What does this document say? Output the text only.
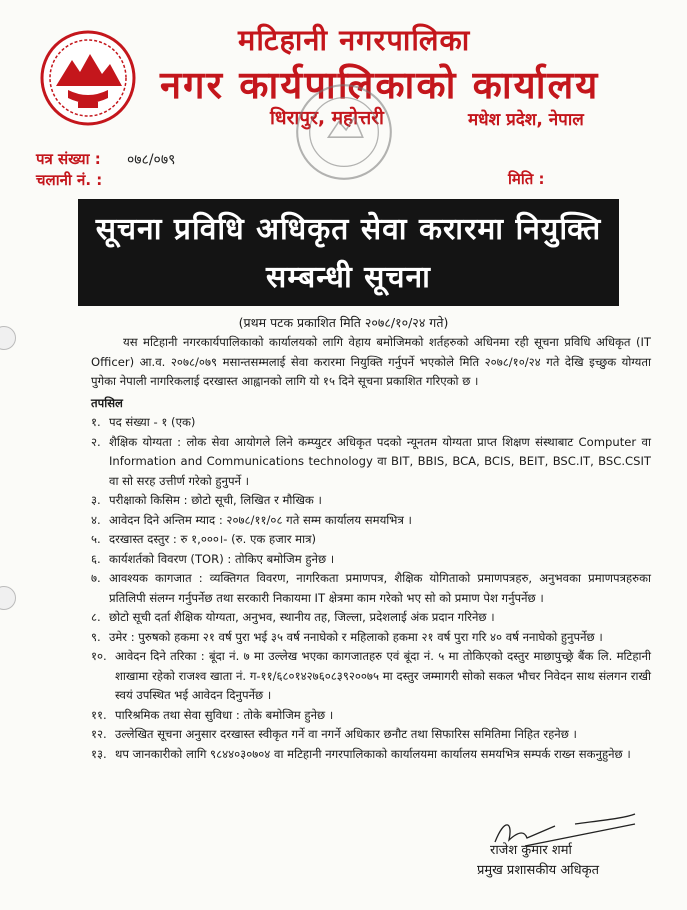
मटिहानी नगरपालिका
नगर कार्यपालिकाको कार्यालय
धिरापुर, महोत्तरी	मधेश प्रदेश, नेपाल
पत्र संख्या : ०७८/०७९
चलानी नं. :	मिति :
सूचना प्रविधि अधिकृत सेवा करारमा नियुक्ति
सम्बन्धी सूचना
(प्रथम पटक प्रकाशित मिति २०७८/१०/२४ गते)

यस मटिहानी नगरकार्यपालिकाको कार्यालयको लागि वेहाय बमोजिमको शर्तहरुको अधिनमा रही सूचना प्रविधि अधिकृत (IT Officer) आ.व. २०७८/०७९ मसान्तसम्मलाई सेवा करारमा नियुक्ति गर्नुपर्ने भएकोले मिति २०७८/१०/२४ गते देखि इच्छुक योग्यता पुगेका नेपाली नागरिकलाई दरखास्त आह्वानको लागि यो १५ दिने सूचना प्रकाशित गरिएको छ ।

तपसिल

१. पद संख्या - १ (एक)
२. शैक्षिक योग्यता : लोक सेवा आयोगले लिने कम्प्युटर अधिकृत पदको न्यूनतम योग्यता प्राप्त शिक्षण संस्थाबाट Computer वा Information and Communications technology वा BIT, BBIS, BCA, BCIS, BEIT, BSC.IT, BSC.CSIT वा सो सरह उत्तीर्ण गरेको हुनुपर्ने ।
३. परीक्षाको किसिम : छोटो सूची, लिखित र मौखिक ।
४. आवेदन दिने अन्तिम म्याद : २०७८/११/०८ गते सम्म कार्यालय समयभित्र ।
५. दरखास्त दस्तुर : रु १,०००।- (रु. एक हजार मात्र)
६. कार्यशर्तको विवरण (TOR) : तोकिए बमोजिम हुनेछ ।
७. आवश्यक कागजात : व्यक्तिगत विवरण, नागरिकता प्रमाणपत्र, शैक्षिक योगिताको प्रमाणपत्रहरु, अनुभवका प्रमाणपत्रहरुका प्रतिलिपी संलग्न गर्नुपर्नेछ तथा सरकारी निकायमा IT क्षेत्रमा काम गरेको भए सो को प्रमाण पेश गर्नुपर्नेछ ।
८. छोटो सूची दर्ता शैक्षिक योग्यता, अनुभव, स्थानीय तह, जिल्ला, प्रदेशलाई अंक प्रदान गरिनेछ ।
९. उमेर : पुरुषको हकमा २१ वर्ष पुरा भई ३५ वर्ष ननाघेको र महिलाको हकमा २१ वर्ष पुरा गरि ४० वर्ष ननाघेको हुनुपर्नेछ ।
१०. आवेदन दिने तरिका : बूंदा नं. ७ मा उल्लेख भएका कागजातहरु एवं बूंदा नं. ५ मा तोकिएको दस्तुर माछापुच्छ्रे बैंक लि. मटिहानी शाखामा रहेको राजश्व खाता नं. ग-११/६८०१४२७६०८३९२००७५ मा दस्तुर जम्मागरी सोको सकल भौचर निवेदन साथ संलगन राखी स्वयं उपस्थित भई आवेदन दिनुपर्नेछ ।
११. पारिश्रमिक तथा सेवा सुविधा : तोके बमोजिम हुनेछ ।
१२. उल्लेखित सूचना अनुसार दरखास्त स्वीकृत गर्ने वा नगर्ने अधिकार छनौट तथा सिफारिस समितिमा निहित रहनेछ ।
१३. थप जानकारीको लागि ९८४४०३०७०४ वा मटिहानी नगरपालिकाको कार्यालयमा कार्यालय समयभित्र सम्पर्क राख्न सकनुहुनेछ ।
राजेश कुमार शर्मा
प्रमुख प्रशासकीय अधिकृत
